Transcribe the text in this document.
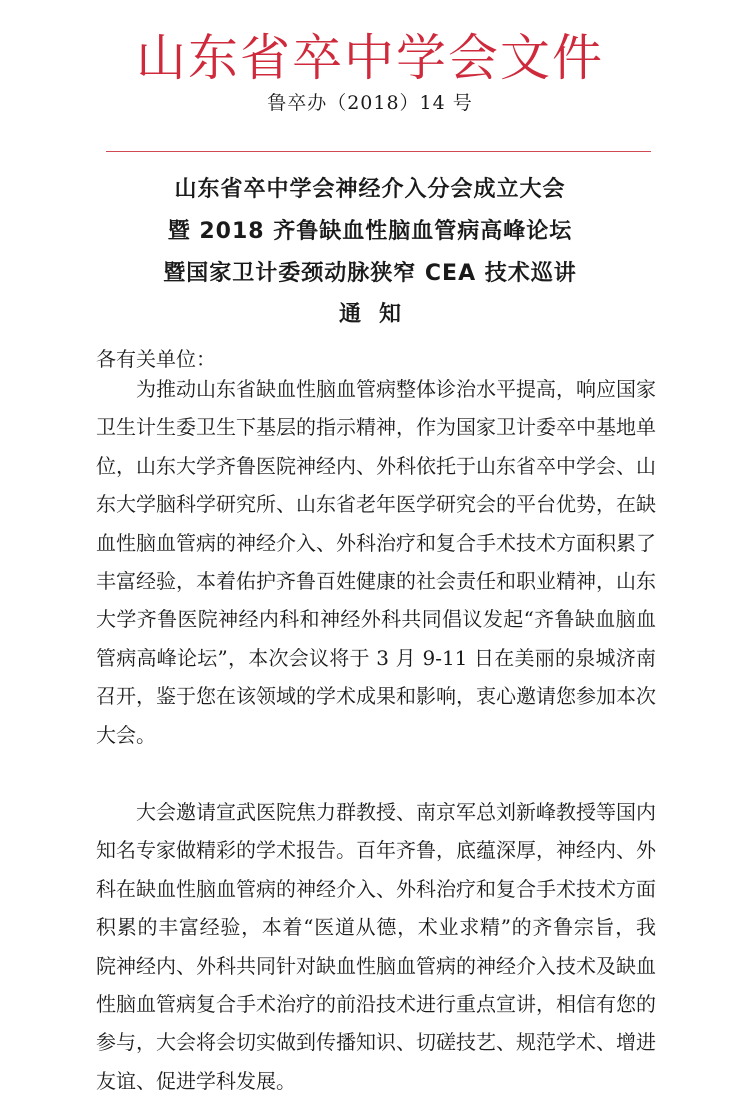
山东省卒中学会文件
鲁卒办（2018）14 号
山东省卒中学会神经介入分会成立大会
暨 2018 齐鲁缺血性脑血管病高峰论坛
暨国家卫计委颈动脉狭窄 CEA 技术巡讲
通知
各有关单位：

为推动山东省缺血性脑血管病整体诊治水平提高，响应国家卫生计生委卫生下基层的指示精神，作为国家卫计委卒中基地单位，山东大学齐鲁医院神经内、外科依托于山东省卒中学会、山东大学脑科学研究所、山东省老年医学研究会的平台优势，在缺血性脑血管病的神经介入、外科治疗和复合手术技术方面积累了丰富经验，本着佑护齐鲁百姓健康的社会责任和职业精神，山东大学齐鲁医院神经内科和神经外科共同倡议发起“齐鲁缺血脑血管病高峰论坛”，本次会议将于 3 月 9-11 日在美丽的泉城济南召开，鉴于您在该领域的学术成果和影响，衷心邀请您参加本次大会。

大会邀请宣武医院焦力群教授、南京军总刘新峰教授等国内知名专家做精彩的学术报告。百年齐鲁，底蕴深厚，神经内、外科在缺血性脑血管病的神经介入、外科治疗和复合手术技术方面积累的丰富经验，本着“医道从德，术业求精”的齐鲁宗旨，我院神经内、外科共同针对缺血性脑血管病的神经介入技术及缺血性脑血管病复合手术治疗的前沿技术进行重点宣讲，相信有您的参与，大会将会切实做到传播知识、切磋技艺、规范学术、增进友谊、促进学科发展。
